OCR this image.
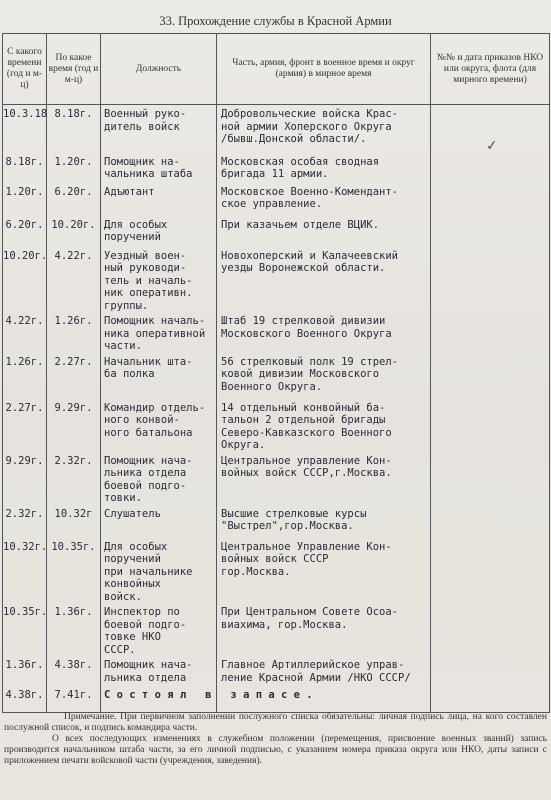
33. Прохождение службы в Красной Армии
С какого времени (год и м-ц)	По какое время (год и м-ц)	Должность	Часть, армия, фронт в военное время и округ (армия) в мирное время	№№ и дата приказов НКО или округа, флота (для мирного времени)
10.3.18	8.18г.	Военный руко-
дитель войск	Добровольческие войска Крас-
ной армии Хоперского Округа
/бывш.Донской области/.	
8.18г.	1.20г.	Помощник на-
чальника штаба	Московская особая сводная
бригада 11 армии.	
1.20г.	6.20г.	Адъютант	Московское Военно-Комендант-
ское управление.	
6.20г.	10.20г.	Для особых
поручений	При казачьем отделе ВЦИК.	
10.20г.	4.22г.	Уездный воен-
ный руководи-
тель и началь-
ник оперативн.
группы.	Новохоперский и Калачеевский
уезды Воронежской области.	
4.22г.	1.26г.	Помощник началь-
ника оперативной части.	Штаб 19 стрелковой дивизии
Московского Военного Округа	
1.26г.	2.27г.	Начальник шта-
ба полка	56 стрелковый полк 19 стрел-
ковой дивизии Московского
Военного Округа.	
2.27г.	9.29г.	Командир отдель-
ного конвой-
ного батальона	14 отдельный конвойный ба-
тальон 2 отдельной бригады
Северо-Кавказского Военного
Округа.	
9.29г.	2.32г.	Помощник нача-
льника отдела
боевой подго-
товки.	Центральное управление Кон-
войных войск СССР,г.Москва.	
2.32г.	10.32г	Слушатель	Высшие стрелковые курсы
"Выстрел",гор.Москва.	
10.32г.	10.35г.	Для особых
поручений
при начальнике
конвойных
войск.	Центральное Управление Кон-
войных войск СССР
гор.Москва.	
10.35г.	1.36г.	Инспектор по
боевой подго-
товке НКО
СССР.	При Центральном Совете Осоа-
виахима, гор.Москва.	
1.36г.	4.38г.	Помощник нача-
льника отдела	Главное Артиллерийское управ-
ление Красной Армии /НКО СССР/	
4.38г.	7.41г.	С о с т о я л   в   з а п а с е .		
✓

Примечание. При первичном заполнении послужного списка обязательны: личная подпись лица, на кого составлен послужной список, и подпись командира части.

О всех последующих изменениях в служебном положении (перемещения, присвоение военных званий) запись производится начальником штаба части, за его личной подписью, с указанием номера приказа округа или НКО, даты записи с приложением печати войсковой части (учреждения, заведения).
